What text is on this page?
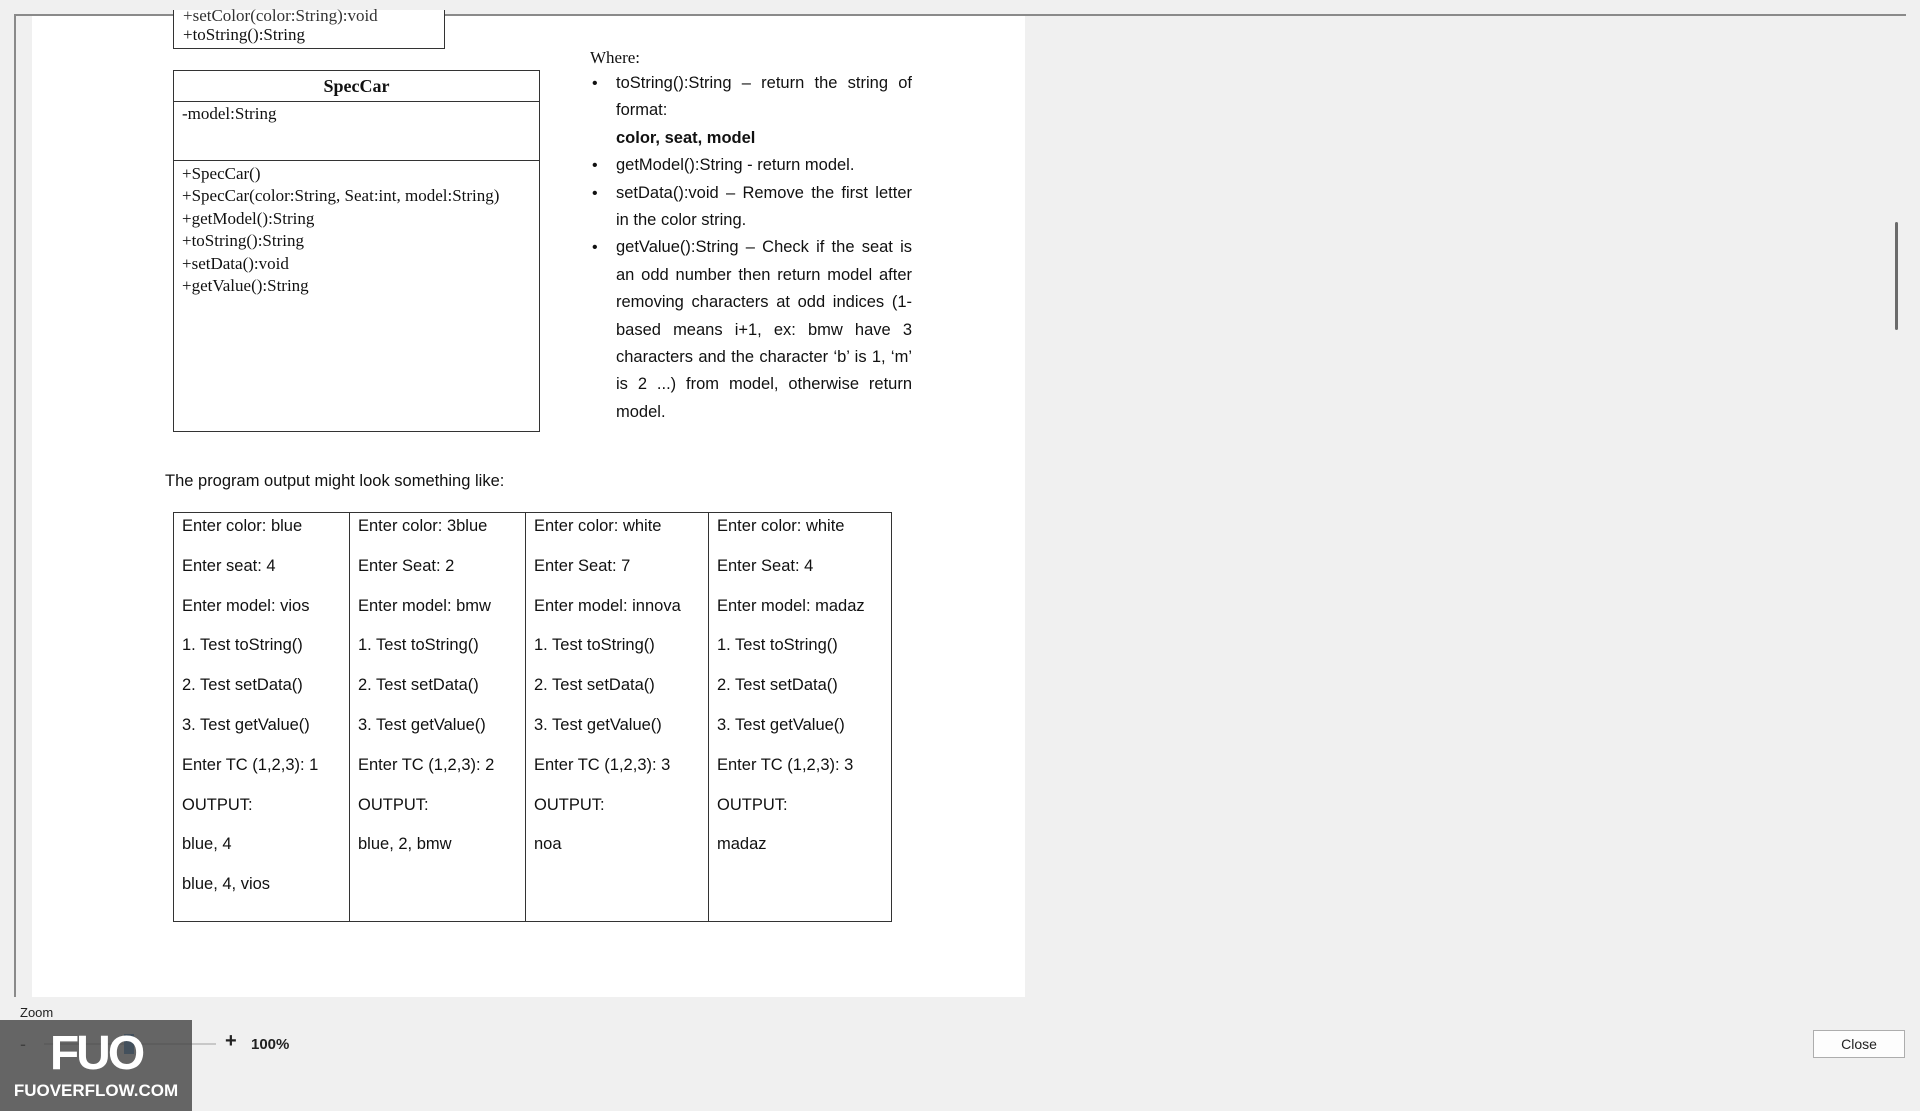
+setColor(color:String):void
+toString():String
SpecCar
-model:String
+SpecCar()
+SpecCar(color:String, Seat:int, model:String)
+getModel():String
+toString():String
+setData():void
+getValue():String
Where:
• toString():String – return the string of format:
color, seat, model
• getModel():String - return model.
• setData():void – Remove the first letter in the color string.
• getValue():String – Check if the seat is an odd number then return model after removing characters at odd indices (1-based means i+1, ex: bmw have 3 characters and the character ‘b’ is 1, ‘m’ is 2 ...) from model, otherwise return model.
The program output might look something like:
Enter color: blue
Enter seat: 4
Enter model: vios
1. Test toString()
2. Test setData()
3. Test getValue()
Enter TC (1,2,3): 1
OUTPUT:
blue, 4
blue, 4, vios

Enter color: 3blue
Enter Seat: 2
Enter model: bmw
1. Test toString()
2. Test setData()
3. Test getValue()
Enter TC (1,2,3): 2
OUTPUT:
blue, 2, bmw

Enter color: white
Enter Seat: 7
Enter model: innova
1. Test toString()
2. Test setData()
3. Test getValue()
Enter TC (1,2,3): 3
OUTPUT:
noa

Enter color: white
Enter Seat: 4
Enter model: madaz
1. Test toString()
2. Test setData()
3. Test getValue()
Enter TC (1,2,3): 3
OUTPUT:
madaz
Zoom
+ 100%	Close
FUO
FUOVERFLOW.COM
